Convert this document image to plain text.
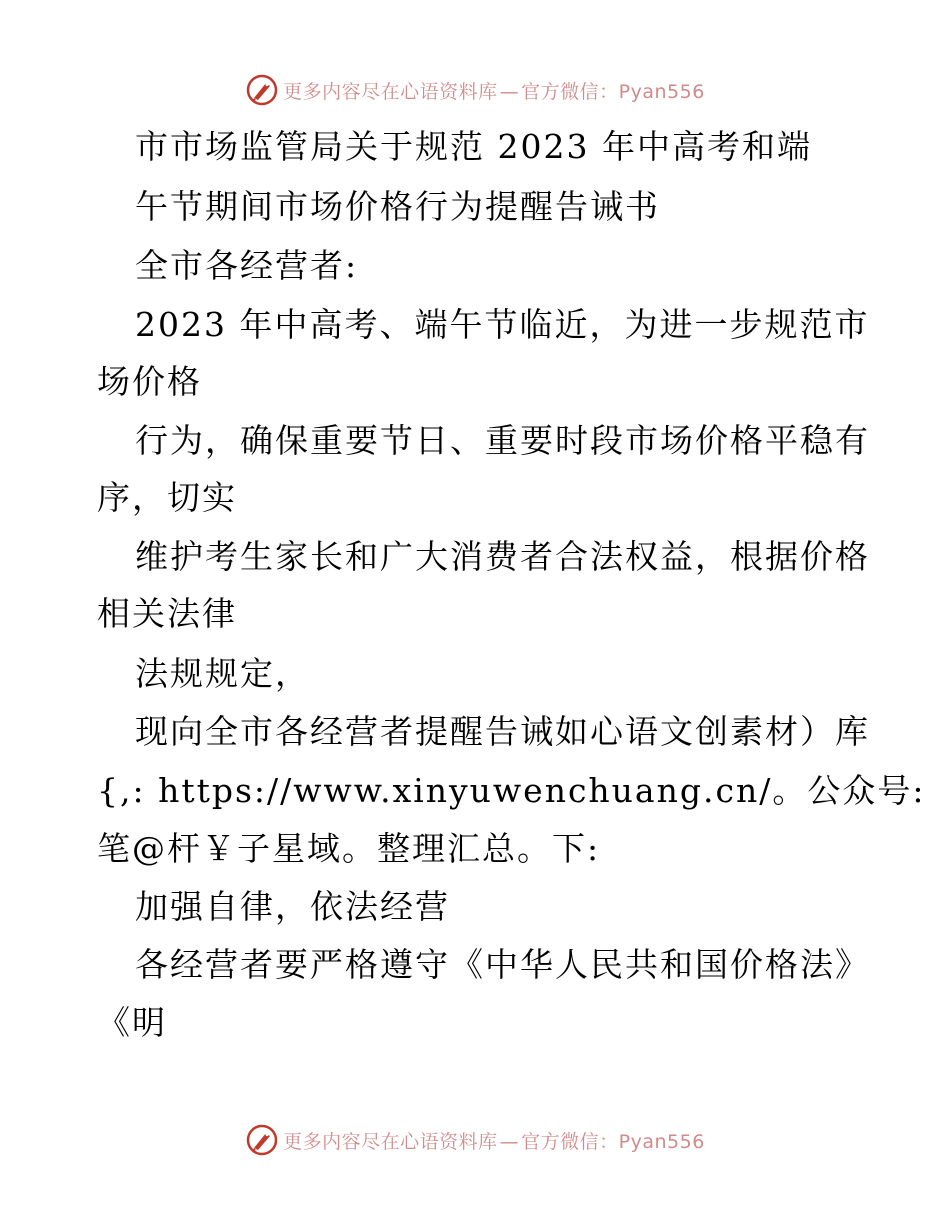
更多内容尽在心语资料库 — 官方微信：Pyan556
市市场监管局关于规范 2023 年中高考和端
午节期间市场价格行为提醒告诫书
全市各经营者:
2023 年中高考、端午节临近，为进一步规范市
场价格
行为，确保重要节日、重要时段市场价格平稳有
序，切实
维护考生家长和广大消费者合法权益，根据价格
相关法律
法规规定，
现向全市各经营者提醒告诫如心语文创素材）库
{,: https://www.xinyuwenchuang.cn/。公众号:
笔@杆￥子星域。整理汇总。下:
加强自律，依法经营
各经营者要严格遵守《中华人民共和国价格法》
《明
更多内容尽在心语资料库 — 官方微信：Pyan556
